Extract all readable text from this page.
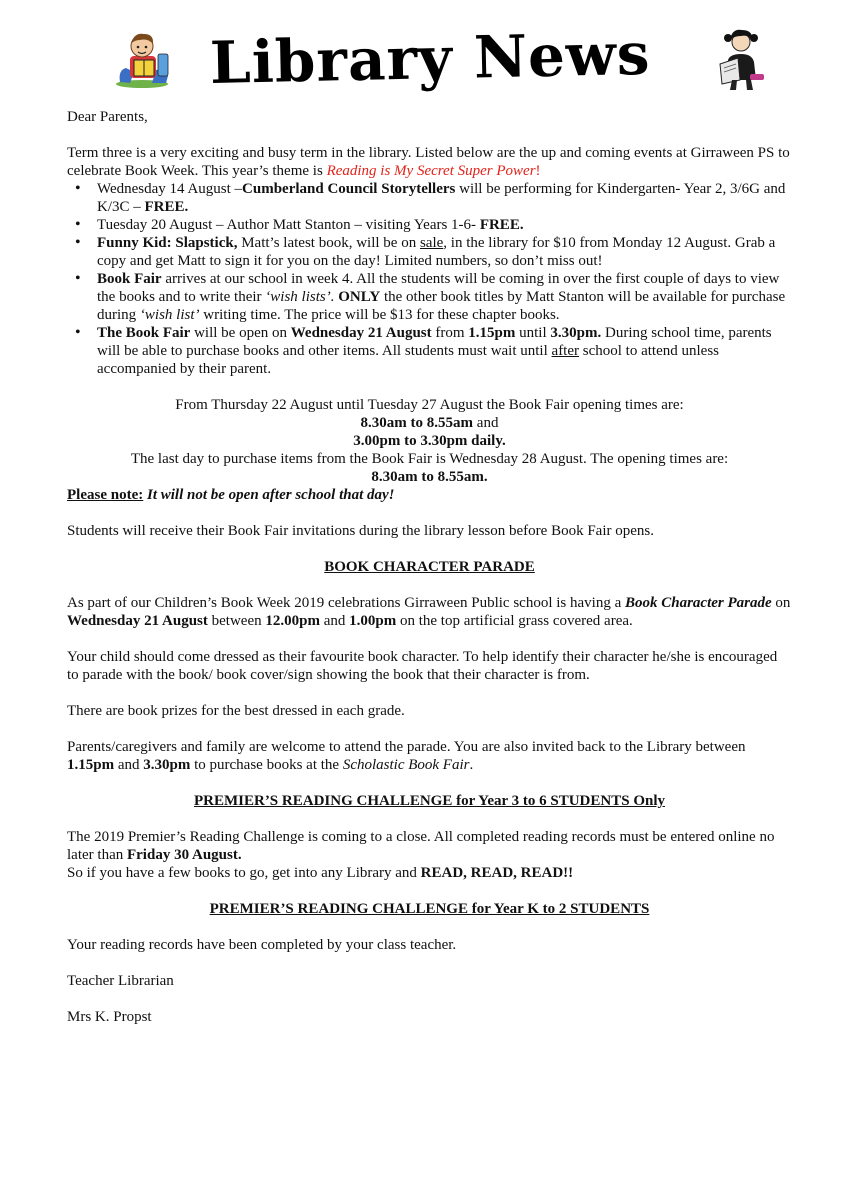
Library News

Dear Parents,

Term three is a very exciting and busy term in the library. Listed below are the up and coming events at Girraween PS to celebrate Book Week. This year’s theme is Reading is My Secret Super Power!

• Wednesday 14 August –Cumberland Council Storytellers will be performing for Kindergarten- Year 2, 3/6G and K/3C – FREE.
• Tuesday 20 August – Author Matt Stanton – visiting Years 1-6- FREE.
• Funny Kid: Slapstick, Matt’s latest book, will be on sale, in the library for $10 from Monday 12 August. Grab a copy and get Matt to sign it for you on the day! Limited numbers, so don’t miss out!
• Book Fair arrives at our school in week 4. All the students will be coming in over the first couple of days to view the books and to write their ‘wish lists’. ONLY the other book titles by Matt Stanton will be available for purchase during ‘wish list’ writing time. The price will be $13 for these chapter books.
• The Book Fair will be open on Wednesday 21 August from 1.15pm until 3.30pm. During school time, parents will be able to purchase books and other items. All students must wait until after school to attend unless accompanied by their parent.

From Thursday 22 August until Tuesday 27 August the Book Fair opening times are:

8.30am to 8.55am and

3.00pm to 3.30pm daily.

The last day to purchase items from the Book Fair is Wednesday 28 August. The opening times are:

8.30am to 8.55am.

Please note: It will not be open after school that day!

Students will receive their Book Fair invitations during the library lesson before Book Fair opens.

BOOK CHARACTER PARADE

As part of our Children’s Book Week 2019 celebrations Girraween Public school is having a Book Character Parade on Wednesday 21 August between 12.00pm and 1.00pm on the top artificial grass covered area.

Your child should come dressed as their favourite book character. To help identify their character he/she is encouraged to parade with the book/ book cover/sign showing the book that their character is from.

There are book prizes for the best dressed in each grade.

Parents/caregivers and family are welcome to attend the parade. You are also invited back to the Library between 1.15pm and 3.30pm to purchase books at the Scholastic Book Fair.

PREMIER’S READING CHALLENGE for Year 3 to 6 STUDENTS Only

The 2019 Premier’s Reading Challenge is coming to a close. All completed reading records must be entered online no later than Friday 30 August.

So if you have a few books to go, get into any Library and READ, READ, READ!!

PREMIER’S READING CHALLENGE for Year K to 2 STUDENTS

Your reading records have been completed by your class teacher.

Teacher Librarian

Mrs K. Propst
